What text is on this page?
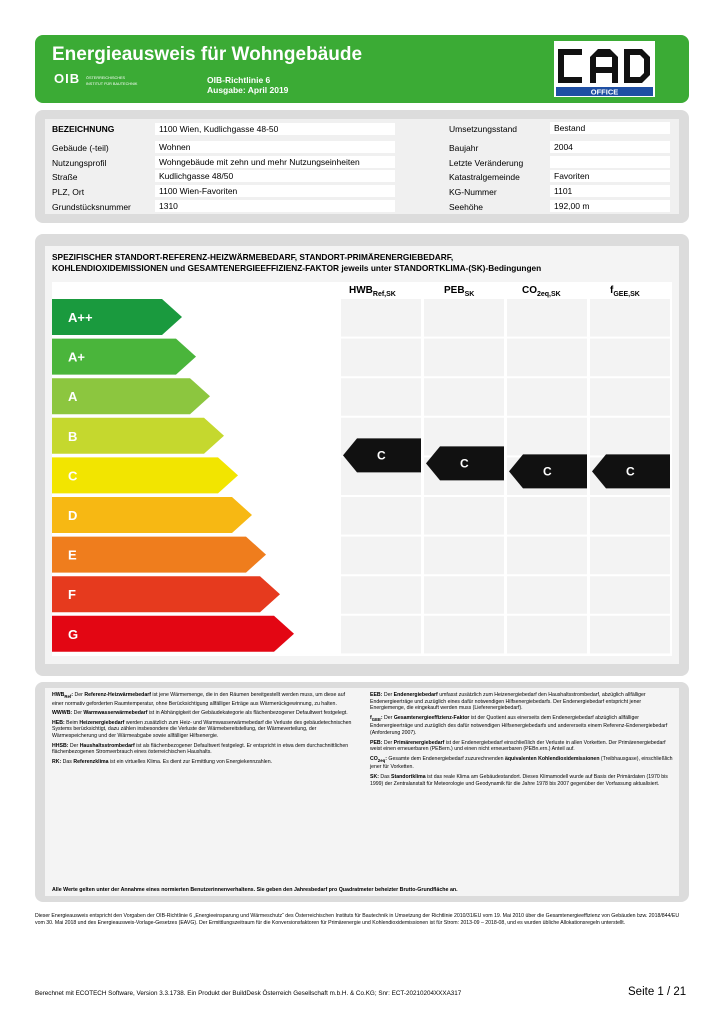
Energieausweis für Wohngebäude
OIB ÖSTERREICHISCHES
INSTITUT FÜR BAUTECHNIK	OIB-Richtlinie 6
Ausgabe: April 2019	OFFICE
BEZEICHNUNG	1100 Wien, Kudlichgasse 48-50
Gebäude (-teil)	Wohnen
Nutzungsprofil	Wohngebäude mit zehn und mehr Nutzungseinheiten
Straße	Kudlichgasse 48/50
PLZ, Ort	1100 Wien-Favoriten
Grundstücksnummer	1310
Umsetzungsstand	Bestand
Baujahr	2004
Letzte Veränderung
Katastralgemeinde	Favoriten
KG-Nummer	1101
Seehöhe	192,00 m
SPEZIFISCHER STANDORT-REFERENZ-HEIZWÄRMEBEDARF, STANDORT-PRIMÄRENERGIEBEDARF,
KOHLENDIOXIDEMISSIONEN und GESAMTENERGIEEFFIZIENZ-FAKTOR jeweils unter STANDORTKLIMA-(SK)-Bedingungen
$HWB_{Ref,SK}$	$PEB_{SK}$	$CO_{2eq,SK}$	$f_{GEE,SK}$
A++
A+
A
B
C
D
E
F
G
C
C
C	C
$HWB_{Ref}$: Der Referenz-Heizwärmebedarf ist jene Wärmemenge, die in den Räumen bereitgestellt werden muss, um diese auf einer normativ geforderten Raumtemperatur, ohne Berücksichtigung allfälliger Erträge aus Wärmerückgewinnung, zu halten.
WWWB: Der Warmwasserwärmebedarf ist in Abhängigkeit der Gebäudekategorie als flächenbezogener Defaultwert festgelegt.
HEB: Beim Heizenergiebedarf werden zusätzlich zum Heiz- und Warmwasserwärmebedarf die Verluste des gebäudetechnischen Systems berücksichtigt, dazu zählen insbesondere die Verluste der Wärmebereitstellung, der Wärmeverteilung, der Wärmespeicherung und der Wärmeabgabe sowie allfälliger Hilfsenergie.
HHSB: Der Haushaltsstrombedarf ist als flächenbezogener Defaultwert festgelegt. Er entspricht in etwa dem durchschnittlichen flächenbezogenen Stromverbrauch eines österreichischen Haushalts.
RK: Das Referenzklima ist ein virtuelles Klima. Es dient zur Ermittlung von Energiekennzahlen.
EEB: Der Endenergiebedarf umfasst zusätzlich zum Heizenergiebedarf den Haushaltsstrombedarf, abzüglich allfälliger Endenergieerträge und zuzüglich eines dafür notwendigen Hilfsenergiebedarfs. Der Endenergiebedarf entspricht jener Energiemenge, die eingekauft werden muss (Lieferenergiebedarf).
$f_{GEE}$: Der Gesamtenergieeffizienz-Faktor ist der Quotient aus einerseits dem Endenergiebedarf abzüglich allfälliger Endenergieerträge und zuzüglich des dafür notwendigen Hilfsenergiebedarfs und andererseits einem Referenz-Endenergiebedarf (Anforderung 2007).
PEB: Der Primärenergiebedarf ist der Endenergiebedarf einschließlich der Verluste in allen Vorketten. Der Primärenergiebedarf weist einen erneuerbaren (PEBern.) und einen nicht erneuerbaren (PEBn.ern.) Anteil auf.
$CO_{2eq}$: Gesamte dem Endenergiebedarf zuzurechnenden äquivalenten Kohlendioxidemissionen (Treibhausgase), einschließlich jener für Vorketten.
SK: Das Standortklima ist das reale Klima am Gebäudestandort. Dieses Klimamodell wurde auf Basis der Primärdaten (1970 bis 1999) der Zentralanstalt für Meteorologie und Geodynamik für die Jahre 1978 bis 2007 gegenüber der Vorfassung aktualisiert.
Alle Werte gelten unter der Annahme eines normierten Benutzerinnenverhaltens. Sie geben den Jahresbedarf pro Quadratmeter beheizter Brutto-Grundfläche an.
Dieser Energieausweis entspricht den Vorgaben der OIB-Richtlinie 6 „Energieeinsparung und Wärmeschutz“ des Österreichischen Instituts für Bautechnik in Umsetzung der Richtlinie 2010/31/EU vom 19. Mai 2010 über die Gesamtenergieeffizienz von Gebäuden bzw. 2018/844/EU vom 30. Mai 2018 und des Energieausweis-Vorlage-Gesetzes (EAVG). Der Ermittlungszeitraum für die Konversionsfaktoren für Primärenergie und Kohlendioxidemissionen ist für Strom: 2013-09 – 2018-08, und es wurden übliche Allokationsregeln unterstellt.
Berechnet mit ECOTECH Software, Version 3.3.1738. Ein Produkt der BuildDesk Österreich Gesellschaft m.b.H. & Co.KG; Snr: ECT-20210204XXXA317	Seite 1 / 21
